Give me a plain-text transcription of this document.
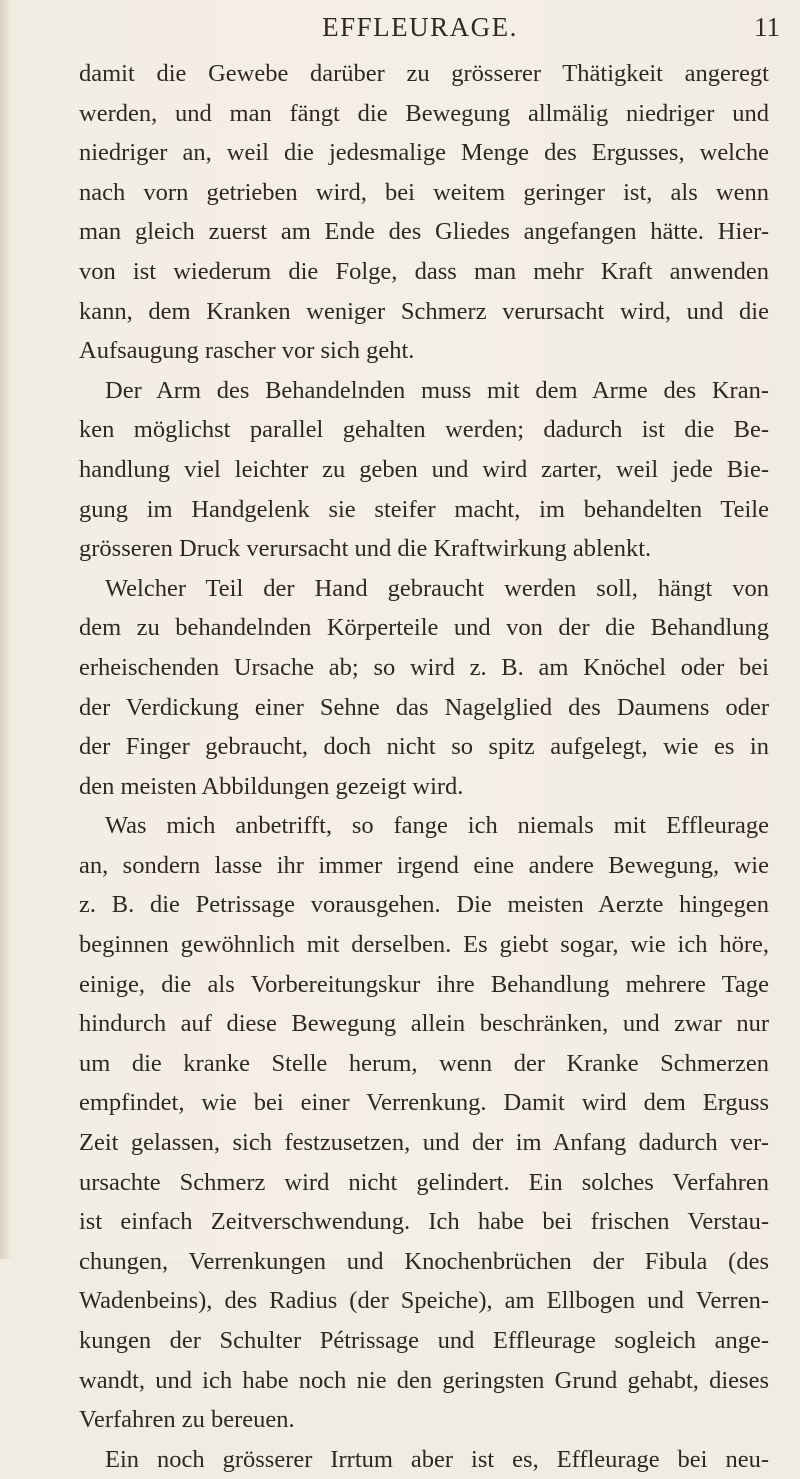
EFFLEURAGE.	11
damit die Gewebe darüber zu grösserer Thätigkeit angeregt
werden, und man fängt die Bewegung allmälig niedriger und
niedriger an, weil die jedesmalige Menge des Ergusses, welche
nach vorn getrieben wird, bei weitem geringer ist, als wenn
man gleich zuerst am Ende des Gliedes angefangen hätte. Hier-
von ist wiederum die Folge, dass man mehr Kraft anwenden
kann, dem Kranken weniger Schmerz verursacht wird, und die
Aufsaugung rascher vor sich geht.
Der Arm des Behandelnden muss mit dem Arme des Kran-
ken möglichst parallel gehalten werden; dadurch ist die Be-
handlung viel leichter zu geben und wird zarter, weil jede Bie-
gung im Handgelenk sie steifer macht, im behandelten Teile
grösseren Druck verursacht und die Kraftwirkung ablenkt.
Welcher Teil der Hand gebraucht werden soll, hängt von
dem zu behandelnden Körperteile und von der die Behandlung
erheischenden Ursache ab; so wird z. B. am Knöchel oder bei
der Verdickung einer Sehne das Nagelglied des Daumens oder
der Finger gebraucht, doch nicht so spitz aufgelegt, wie es in
den meisten Abbildungen gezeigt wird.
Was mich anbetrifft, so fange ich niemals mit Effleurage
an, sondern lasse ihr immer irgend eine andere Bewegung, wie
z. B. die Petrissage vorausgehen. Die meisten Aerzte hingegen
beginnen gewöhnlich mit derselben. Es giebt sogar, wie ich höre,
einige, die als Vorbereitungskur ihre Behandlung mehrere Tage
hindurch auf diese Bewegung allein beschränken, und zwar nur
um die kranke Stelle herum, wenn der Kranke Schmerzen
empfindet, wie bei einer Verrenkung. Damit wird dem Erguss
Zeit gelassen, sich festzusetzen, und der im Anfang dadurch ver-
ursachte Schmerz wird nicht gelindert. Ein solches Verfahren
ist einfach Zeitverschwendung. Ich habe bei frischen Verstau-
chungen, Verrenkungen und Knochenbrüchen der Fibula (des
Wadenbeins), des Radius (der Speiche), am Ellbogen und Verren-
kungen der Schulter Pétrissage und Effleurage sogleich ange-
wandt, und ich habe noch nie den geringsten Grund gehabt, dieses
Verfahren zu bereuen.
Ein noch grösserer Irrtum aber ist es, Effleurage bei neu-
